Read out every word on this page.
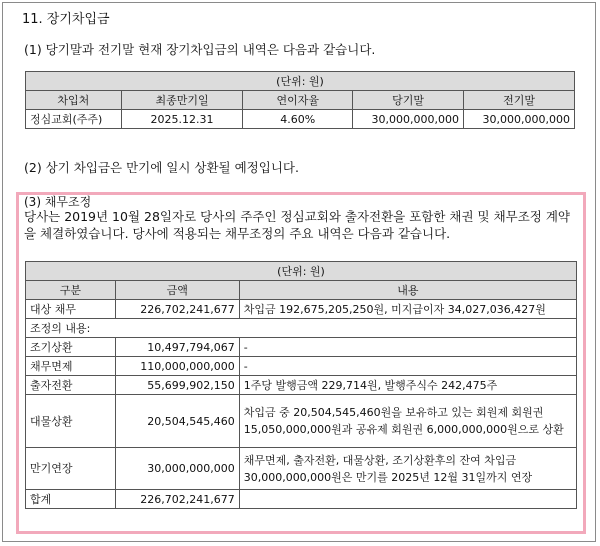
11. 장기차입금
(1) 당기말과 전기말 현재 장기차입금의 내역은 다음과 같습니다.
(단위: 원)				
차입처	최종만기일	연이자율	당기말	전기말
정심교회(주주)	2025.12.31	4.60%	30,000,000,000	30,000,000,000
(2) 상기 차입금은 만기에 일시 상환될 예정입니다.
(3) 채무조정
당사는 2019년 10월 28일자로 당사의 주주인 정심교회와 출자전환을 포함한 채권 및 채무조정 계약을 체결하였습니다. 당사에 적용되는 채무조정의 주요 내역은 다음과 같습니다.
(단위: 원)		
구분	금액	내용
대상 채무	226,702,241,677	차입금 192,675,205,250원, 미지급이자 34,027,036,427원
조정의 내용:		
조기상환	10,497,794,067	-
채무면제	110,000,000,000	-
출자전환	55,699,902,150	1주당 발행금액 229,714원, 발행주식수 242,475주
대물상환	20,504,545,460	차입금 중 20,504,545,460원을 보유하고 있는 회원제 회원권 15,050,000,000원과 공유제 회원권 6,000,000,000원으로 상환
만기연장	30,000,000,000	채무면제, 출자전환, 대물상환, 조기상환후의 잔여 차입금 30,000,000,000원은 만기를 2025년 12월 31일까지 연장
합계	226,702,241,677	
